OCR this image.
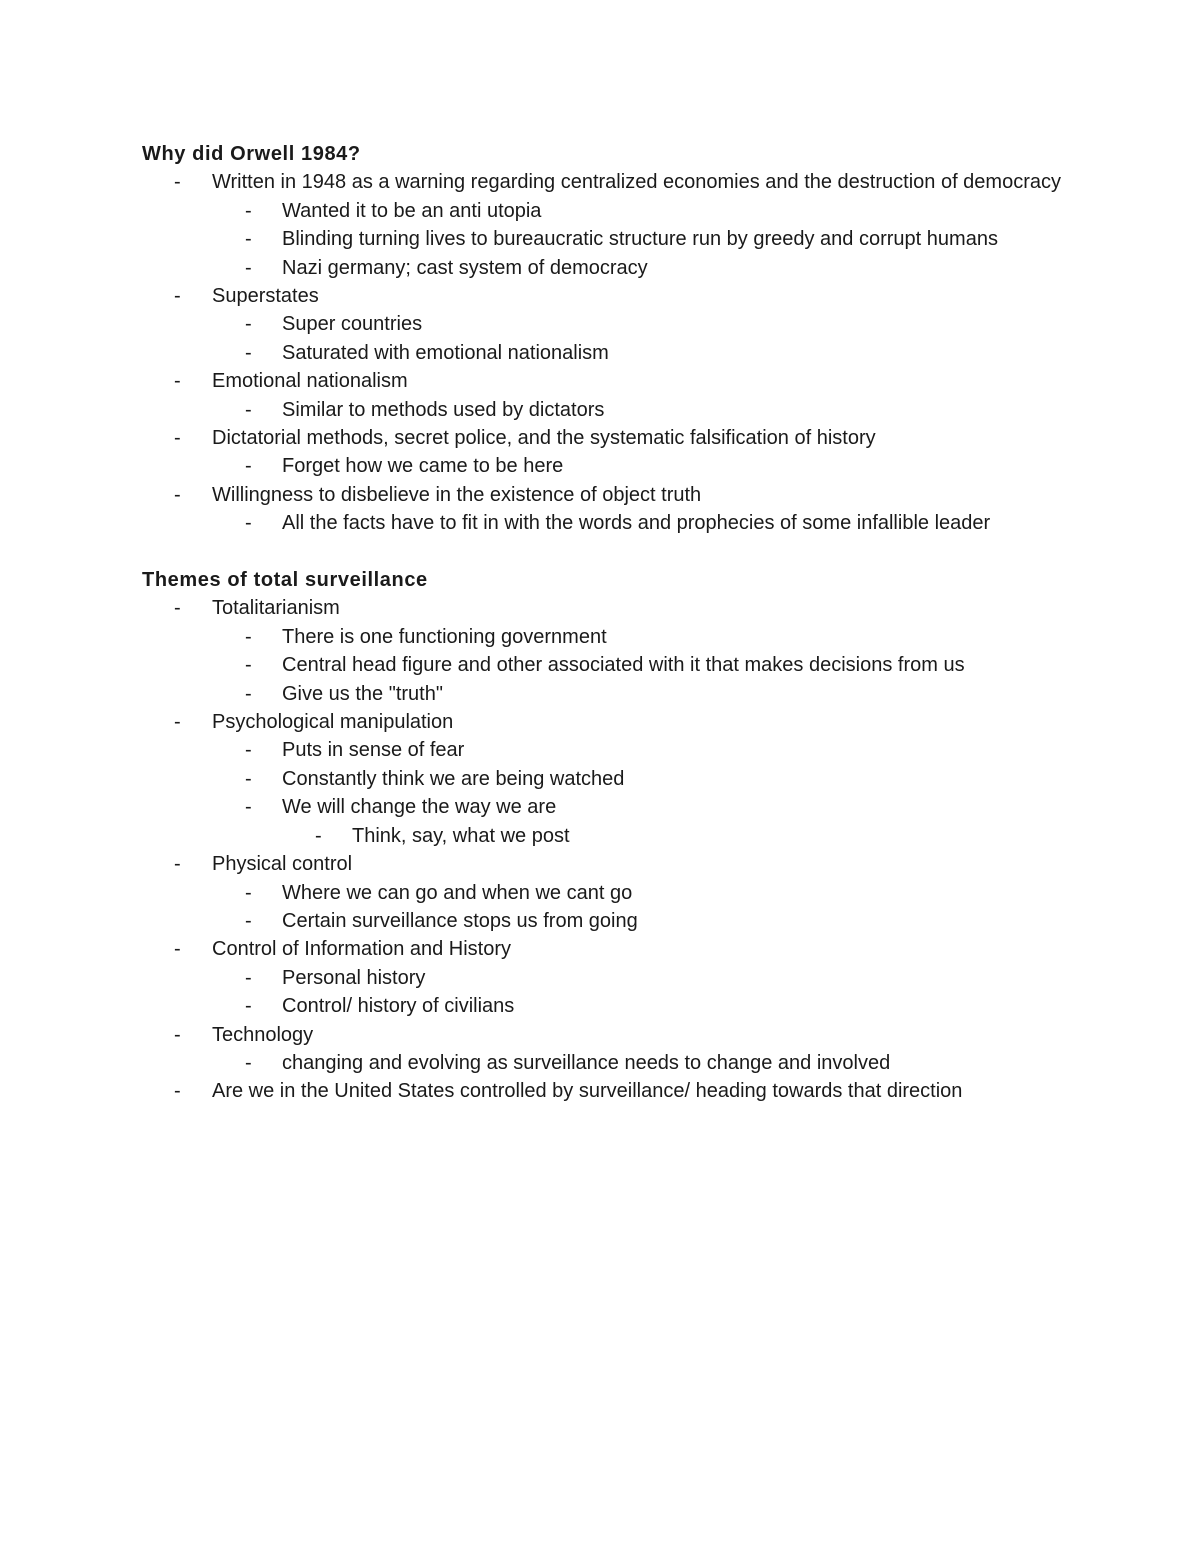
Why did Orwell 1984?
-	Written in 1948 as a warning regarding centralized economies and the destruction of democracy
-	Wanted it to be an anti utopia
-	Blinding turning lives to bureaucratic structure run by greedy and corrupt humans
-	Nazi germany; cast system of democracy
-	Superstates
-	Super countries
-	Saturated with emotional nationalism
-	Emotional nationalism
-	Similar to methods used by dictators
-	Dictatorial methods, secret police, and the systematic falsification of history
-	Forget how we came to be here
-	Willingness to disbelieve in the existence of object truth
-	All the facts have to fit in with the words and prophecies of some infallible leader
Themes of total surveillance
-	Totalitarianism
-	There is one functioning government
-	Central head figure and other associated with it that makes decisions from us
-	Give us the "truth"
-	Psychological manipulation
-	Puts in sense of fear
-	Constantly think we are being watched
-	We will change the way we are
-	Think, say, what we post
-	Physical control
-	Where we can go and when we cant go
-	Certain surveillance stops us from going
-	Control of Information and History
-	Personal history
-	Control/ history of civilians
-	Technology
-	changing and evolving as surveillance needs to change and involved
-	Are we in the United States controlled by surveillance/ heading towards that direction
